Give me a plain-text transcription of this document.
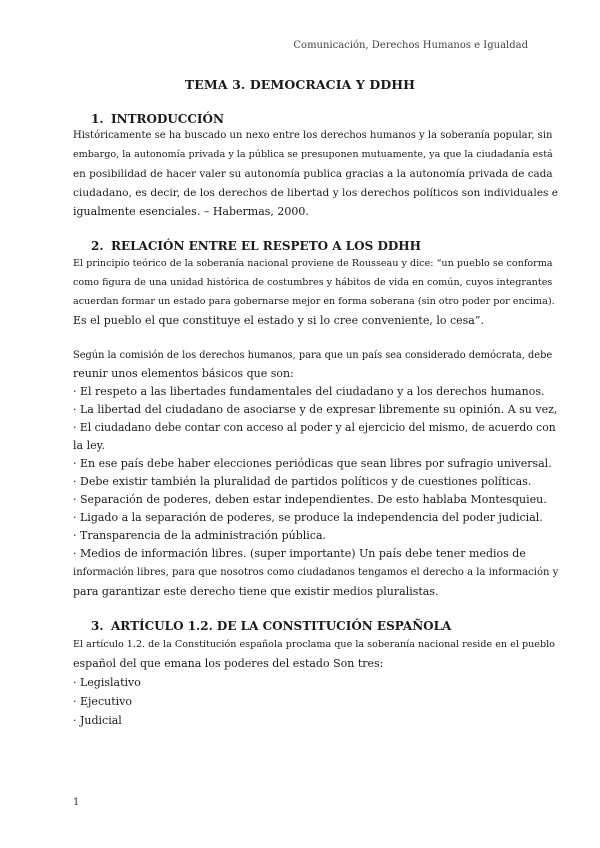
Comunicación, Derechos Humanos e Igualdad
TEMA 3. DEMOCRACIA Y DDHH
1. INTRODUCCIÓN
Históricamente se ha buscado un nexo entre los derechos humanos y la soberanía popular, sin
embargo, la autonomía privada y la pública se presuponen mutuamente, ya que la ciudadanía está
en posibilidad de hacer valer su autonomía publica gracias a la autonomía privada de cada
ciudadano, es decir, de los derechos de libertad y los derechos políticos son individuales e
igualmente esenciales. – Habermas, 2000.
2. RELACIÓN ENTRE EL RESPETO A LOS DDHH
El principio teórico de la soberanía nacional proviene de Rousseau y dice: “un pueblo se conforma
como figura de una unidad histórica de costumbres y hábitos de vida en común, cuyos integrantes
acuerdan formar un estado para gobernarse mejor en forma soberana (sin otro poder por encima).
Es el pueblo el que constituye el estado y si lo cree conveniente, lo cesa”.
Según la comisión de los derechos humanos, para que un país sea considerado demócrata, debe
reunir unos elementos básicos que son:
· El respeto a las libertades fundamentales del ciudadano y a los derechos humanos.
· La libertad del ciudadano de asociarse y de expresar libremente su opinión. A su vez,
· El ciudadano debe contar con acceso al poder y al ejercicio del mismo, de acuerdo con
la ley.
· En ese país debe haber elecciones periódicas que sean libres por sufragio universal.
· Debe existir también la pluralidad de partidos políticos y de cuestiones políticas.
· Separación de poderes, deben estar independientes. De esto hablaba Montesquieu.
· Ligado a la separación de poderes, se produce la independencia del poder judicial.
· Transparencia de la administración pública.
· Medios de información libres. (super importante) Un país debe tener medios de
información libres, para que nosotros como ciudadanos tengamos el derecho a la información y
para garantizar este derecho tiene que existir medios pluralistas.
3. ARTÍCULO 1.2. DE LA CONSTITUCIÓN ESPAÑOLA
El artículo 1.2. de la Constitución española proclama que la soberanía nacional reside en el pueblo
español del que emana los poderes del estado Son tres:
· Legislativo
· Ejecutivo
· Judicial
1
